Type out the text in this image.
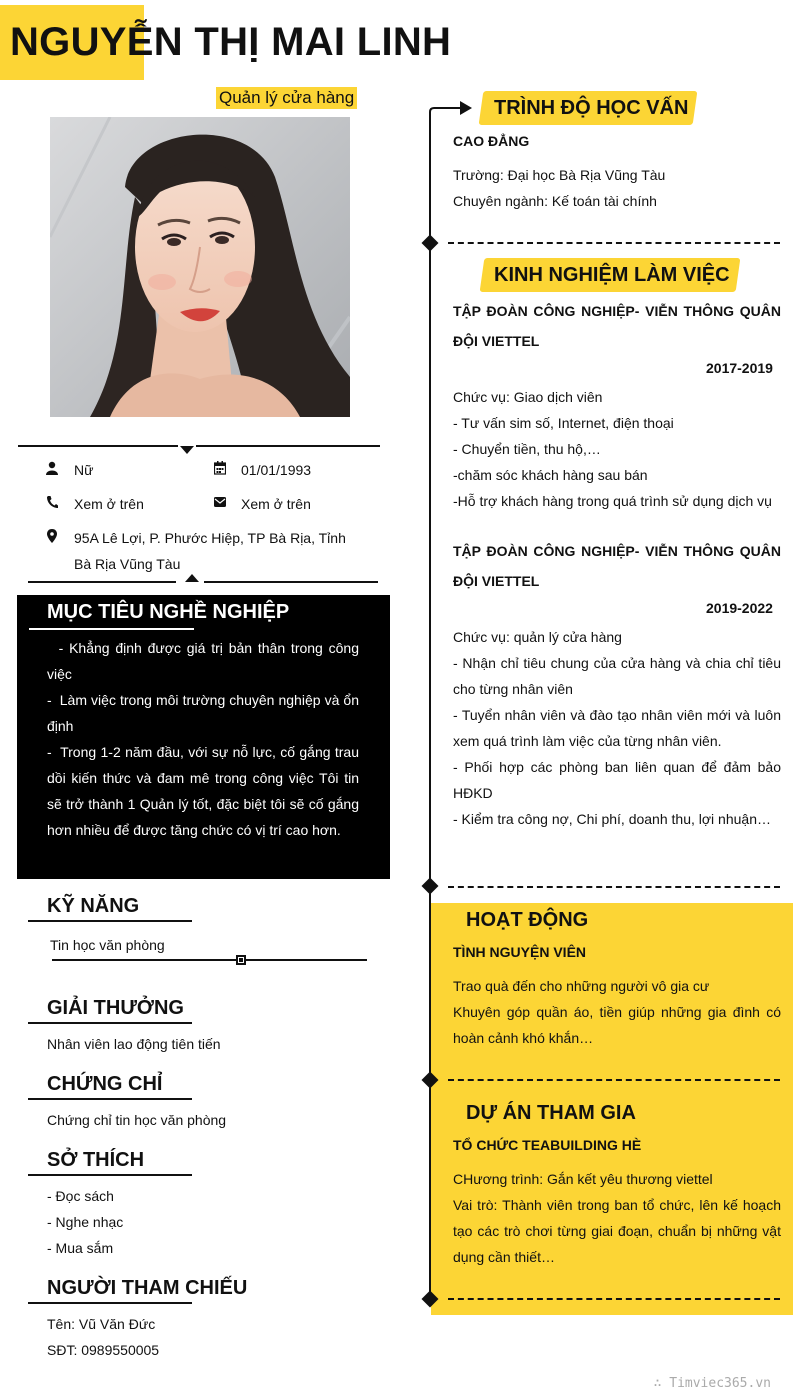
NGUYỄN THỊ MAI LINH
Quản lý cửa hàng
Nữ	01/01/1993
Xem ở trên	Xem ở trên
95A Lê Lợi, P. Phước Hiệp, TP Bà Rịa, Tỉnh
Bà Rịa Vũng Tàu
MỤC TIÊU NGHỀ NGHIỆP
- Khẳng định được giá trị bản thân trong công việc
-  Làm việc trong môi trường chuyên nghiệp và ổn định
-  Trong 1-2 năm đầu, với sự nỗ lực, cố gắng trau dồi kiến thức và đam mê trong công việc Tôi tin sẽ trở thành 1 Quản lý tốt, đặc biệt tôi sẽ cố gắng hơn nhiều để được tăng chức có vị trí cao hơn.
KỸ NĂNG
Tin học văn phòng
GIẢI THƯỞNG
Nhân viên lao động tiên tiến
CHỨNG CHỈ
Chứng chỉ tin học văn phòng
SỞ THÍCH
- Đọc sách
- Nghe nhạc
- Mua sắm
NGƯỜI THAM CHIẾU
Tên: Vũ Văn Đức
SĐT: 0989550005
TRÌNH ĐỘ HỌC VẤN
CAO ĐẲNG
Trường: Đại học Bà Rịa Vũng Tàu
Chuyên ngành: Kế toán tài chính
KINH NGHIỆM LÀM VIỆC
TẬP ĐOÀN CÔNG NGHIỆP- VIỄN THÔNG QUÂN ĐỘI VIETTEL
2017-2019
Chức vụ: Giao dịch viên
- Tư vấn sim số, Internet, điện thoại
- Chuyển tiền, thu hộ,…
-chăm sóc khách hàng sau bán
-Hỗ trợ khách hàng trong quá trình sử dụng dịch vụ
TẬP ĐOÀN CÔNG NGHIỆP- VIỄN THÔNG QUÂN ĐỘI VIETTEL
2019-2022
Chức vụ: quản lý cửa hàng
- Nhận chỉ tiêu chung của cửa hàng và chia chỉ tiêu cho từng nhân viên
- Tuyển nhân viên và đào tạo nhân viên mới và luôn xem quá trình làm việc của từng nhân viên.
- Phối hợp các phòng ban liên quan để đảm bảo HĐKD
- Kiểm tra công nợ, Chi phí, doanh thu, lợi nhuận…
HOẠT ĐỘNG
TÌNH NGUYỆN VIÊN
Trao quà đến cho những người vô gia cư
Khuyên góp quần áo, tiền giúp những gia đình có hoàn cảnh khó khắn…
DỰ ÁN THAM GIA
TỔ CHỨC TEABUILDING HÈ
CHương trình: Gắn kết yêu thương viettel
Vai trò: Thành viên trong ban tổ chức, lên kế hoạch tạo các trò chơi từng giai đoạn, chuẩn bị những vật dụng cần thiết…
∴ Timviec365.vn
